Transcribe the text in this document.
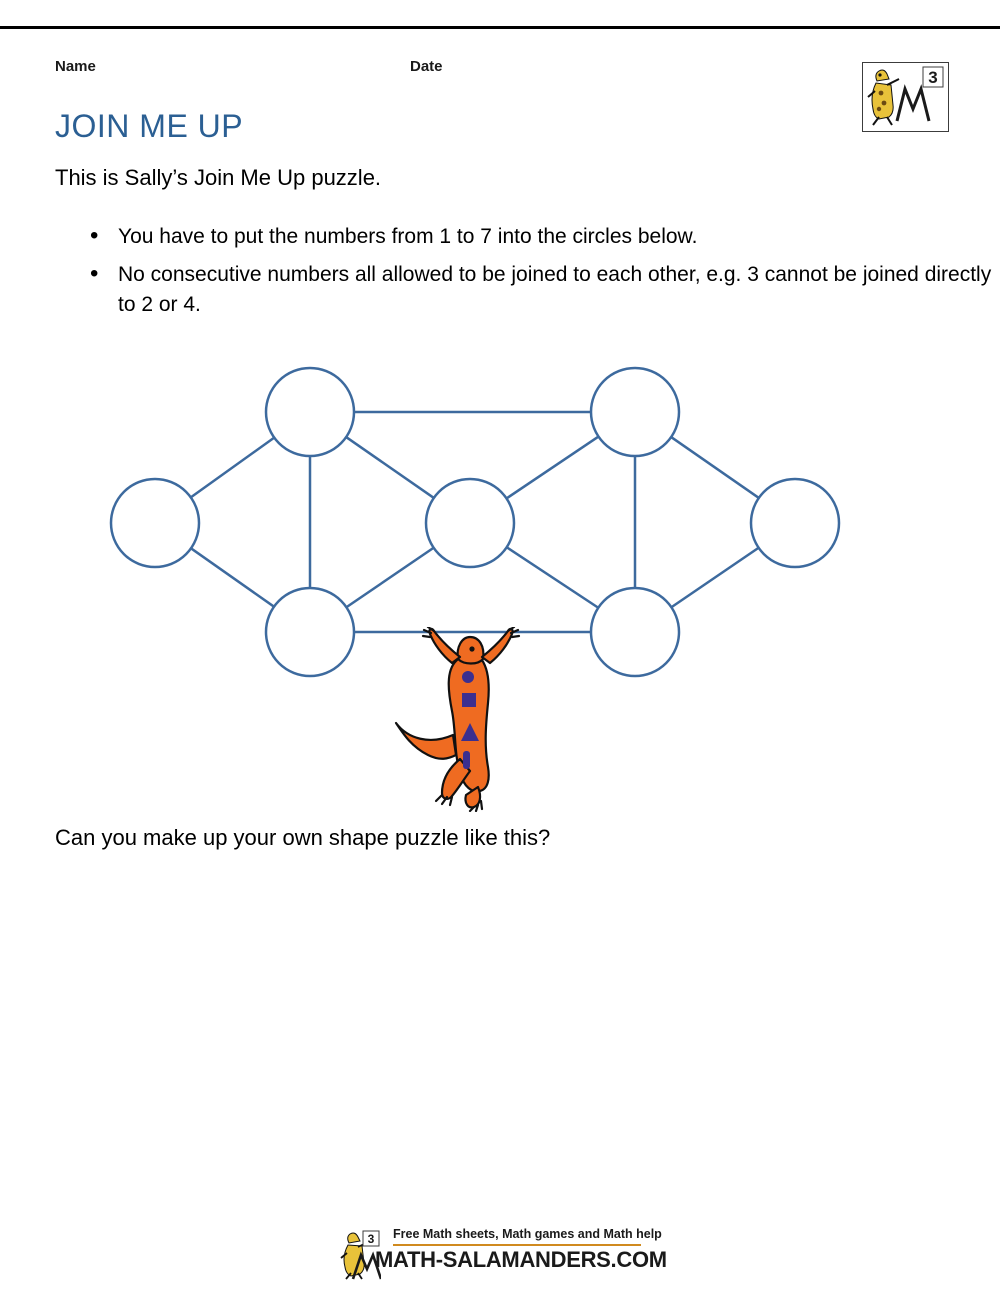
Name	Date
3
JOIN ME UP
This is Sally’s Join Me Up puzzle.
• You have to put the numbers from 1 to 7 into the circles below.
• No consecutive numbers all allowed to be joined to each other, e.g. 3 cannot be joined directly to 2 or 4.
Can you make up your own shape puzzle like this?
3 Free Math sheets, Math games and Math help
MATH-SALAMANDERS.COM
